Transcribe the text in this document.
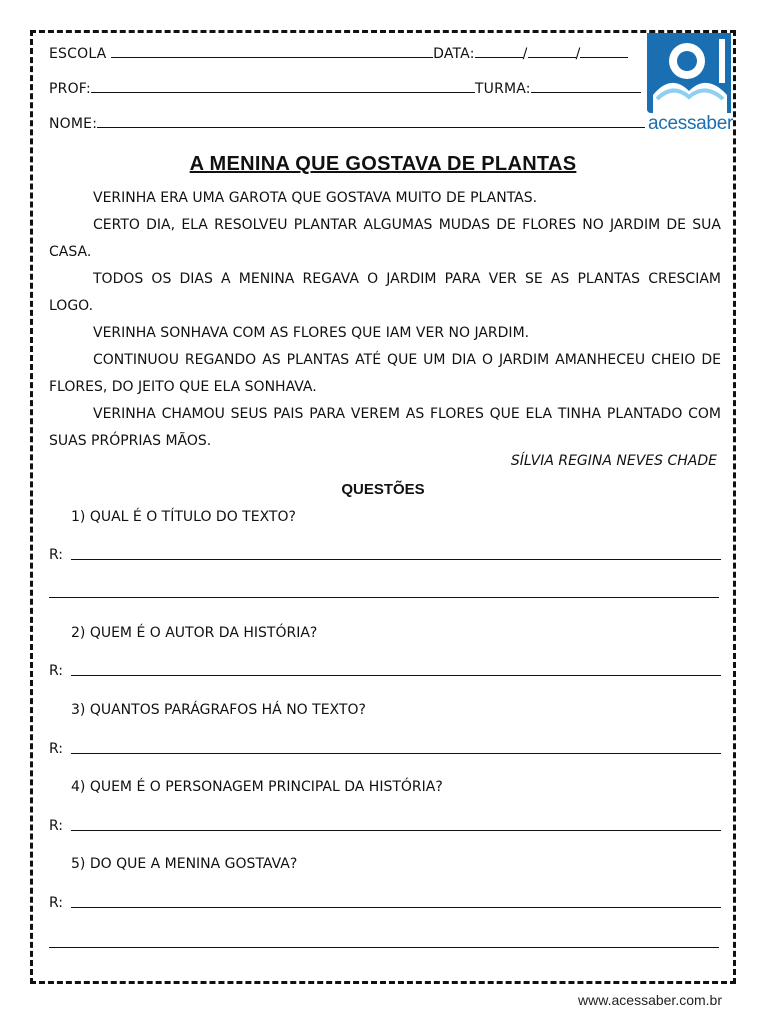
ESCOLA	DATA:	/	/
PROF:	TURMA:
NOME:	acessaber
A MENINA QUE GOSTAVA DE PLANTAS

VERINHA ERA UMA GAROTA QUE GOSTAVA MUITO DE PLANTAS.

CERTO DIA, ELA RESOLVEU PLANTAR ALGUMAS MUDAS DE FLORES NO JARDIM DE SUA CASA.

TODOS OS DIAS A MENINA REGAVA O JARDIM PARA VER SE AS PLANTAS CRESCIAM LOGO.

VERINHA SONHAVA COM AS FLORES QUE IAM VER NO JARDIM.

CONTINUOU REGANDO AS PLANTAS ATÉ QUE UM DIA O JARDIM AMANHECEU CHEIO DE FLORES, DO JEITO QUE ELA SONHAVA.

VERINHA CHAMOU SEUS PAIS PARA VEREM AS FLORES QUE ELA TINHA PLANTADO COM SUAS PRÓPRIAS MÃOS.

SÍLVIA REGINA NEVES CHADE
QUESTÕES
1) QUAL É O TÍTULO DO TEXTO?
R:
2) QUEM É O AUTOR DA HISTÓRIA?
R:
3) QUANTOS PARÁGRAFOS HÁ NO TEXTO?
R:
4) QUEM É O PERSONAGEM PRINCIPAL DA HISTÓRIA?
R:
5) DO QUE A MENINA GOSTAVA?
R:
www.acessaber.com.br
